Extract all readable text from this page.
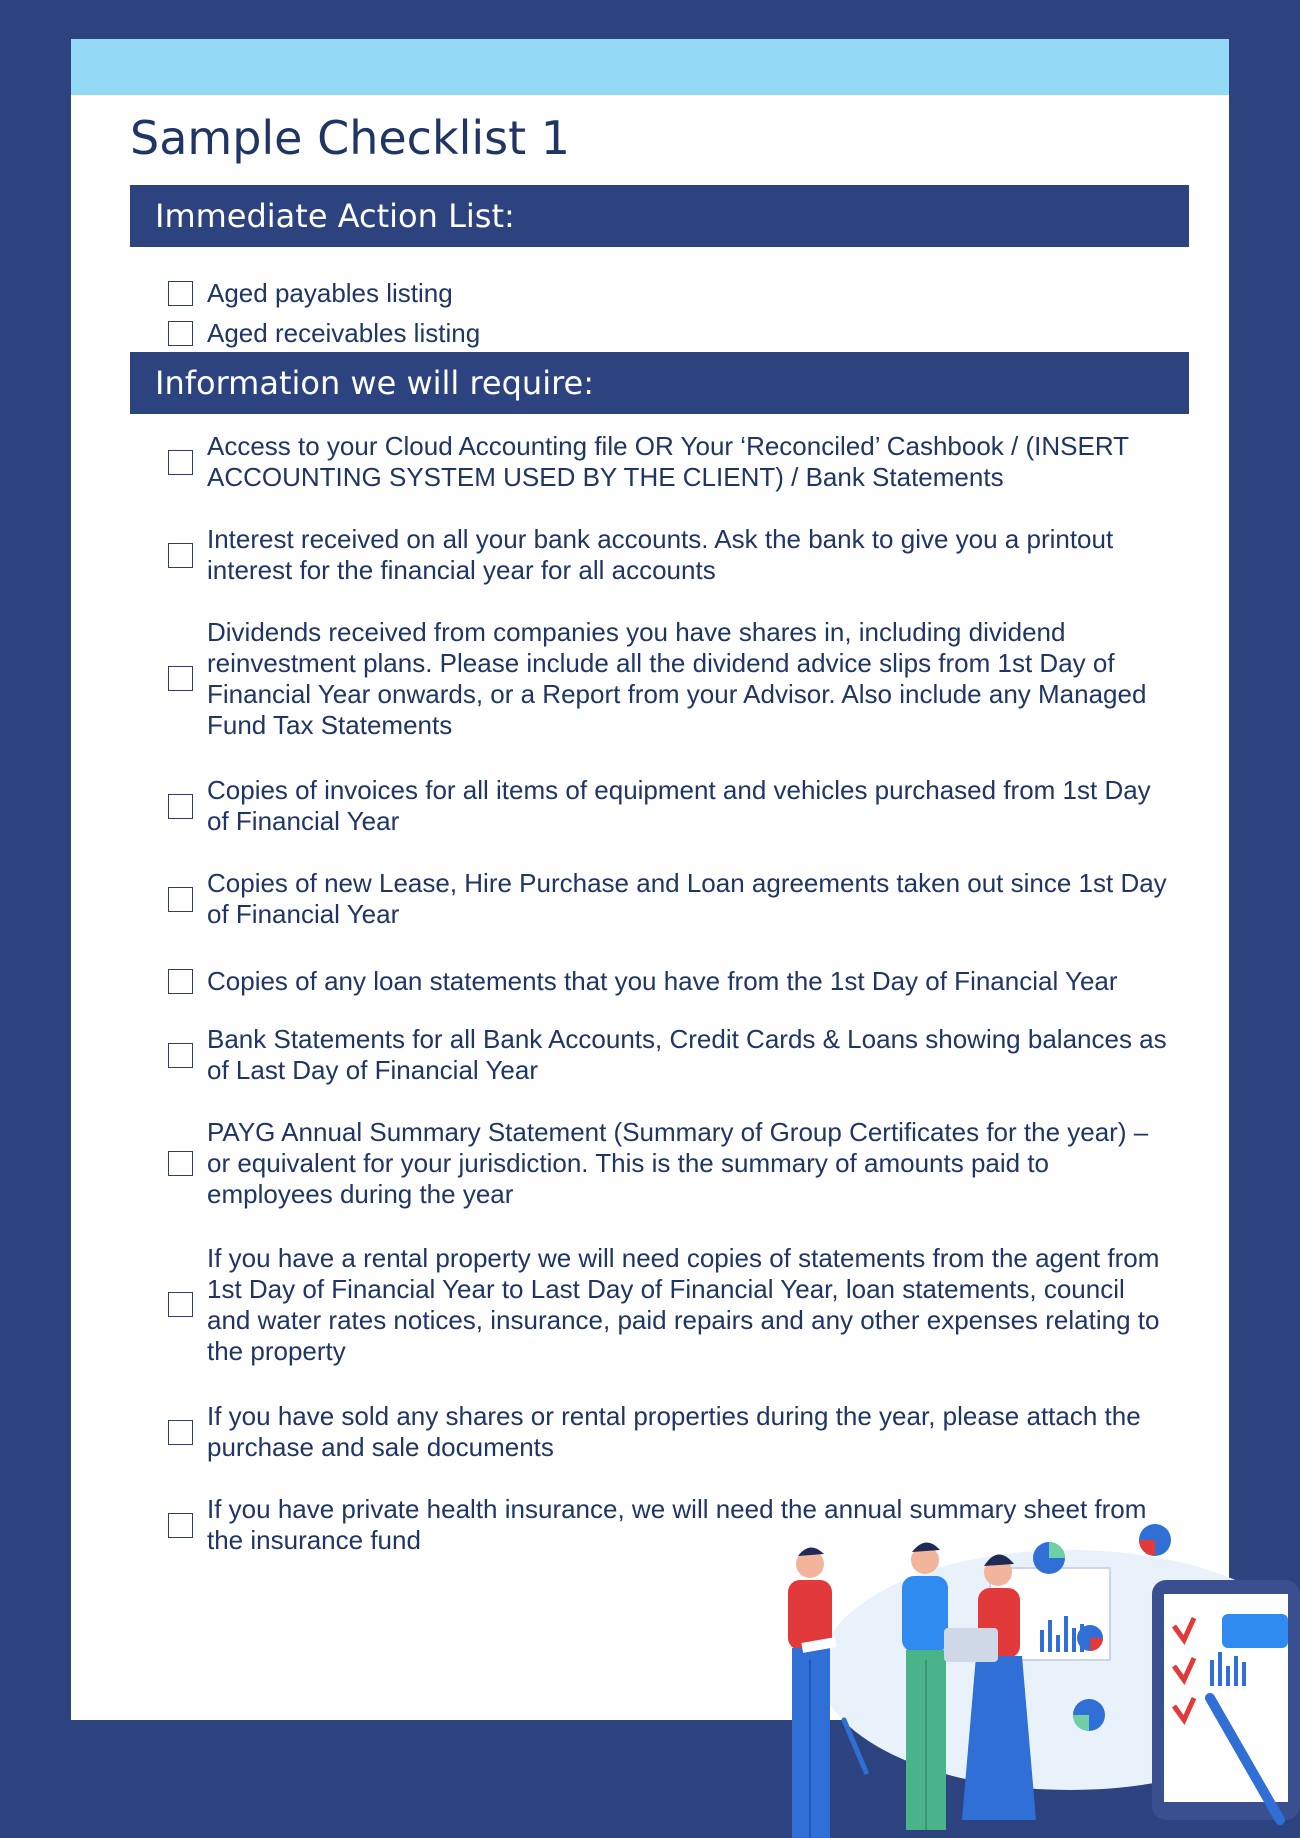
Sample Checklist 1
Immediate Action List:
Aged payables listing
Aged receivables listing
Information we will require:
Access to your Cloud Accounting file OR Your ‘Reconciled’ Cashbook / (INSERT ACCOUNTING SYSTEM USED BY THE CLIENT) / Bank Statements
Interest received on all your bank accounts. Ask the bank to give you a printout interest for the financial year for all accounts
Dividends received from companies you have shares in, including dividend reinvestment plans. Please include all the dividend advice slips from 1st Day of Financial Year onwards, or a Report from your Advisor. Also include any Managed Fund Tax Statements
Copies of invoices for all items of equipment and vehicles purchased from 1st Day of Financial Year
Copies of new Lease, Hire Purchase and Loan agreements taken out since 1st Day of Financial Year
Copies of any loan statements that you have from the 1st Day of Financial Year
Bank Statements for all Bank Accounts, Credit Cards & Loans showing balances as of Last Day of Financial Year
PAYG Annual Summary Statement (Summary of Group Certificates for the year) – or equivalent for your jurisdiction. This is the summary of amounts paid to employees during the year
If you have a rental property we will need copies of statements from the agent from 1st Day of Financial Year to Last Day of Financial Year, loan statements, council and water rates notices, insurance, paid repairs and any other expenses relating to the property
If you have sold any shares or rental properties during the year, please attach the purchase and sale documents
If you have private health insurance, we will need the annual summary sheet from the insurance fund
